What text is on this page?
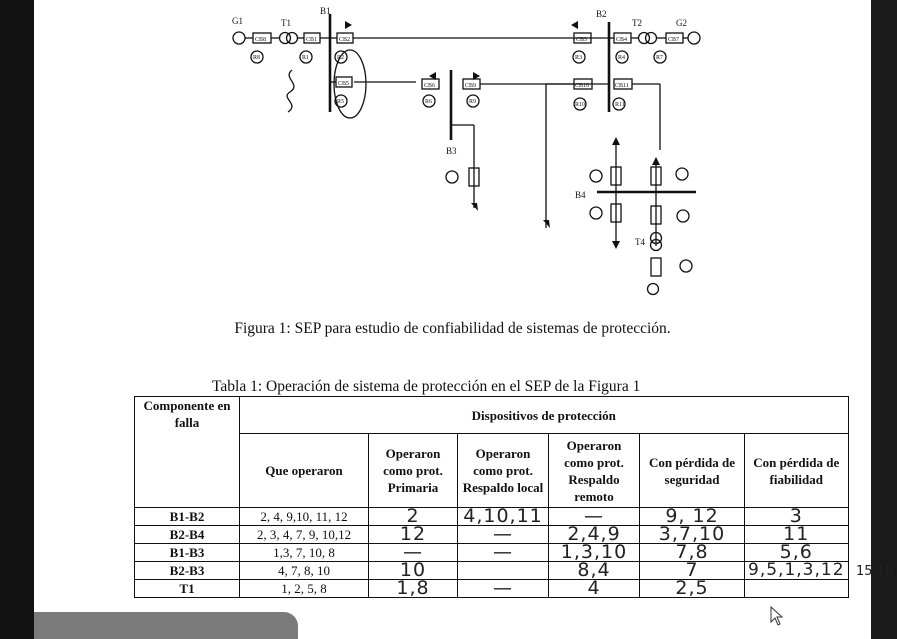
B1	B2
B3
B4
G1	G2
T1	T2
T4
CB8	CB1	CB2	CB3	CB4	CB7
CB5	CB6	CB9	CB10	CB11
R8	R1	R2	R3	R4	R7
R5	R6	R9	R10	R11
Figura 1: SEP para estudio de confiabilidad de sistemas de protección.
Tabla 1: Operación de sistema de protección en el SEP de la Figura 1
Componente en falla	Dispositivos de protección					
	Que operaron	Operaron como prot. Primaria	Operaron como prot. Respaldo local	Operaron como prot. Respaldo remoto	Con pérdida de seguridad	Con pérdida de fiabilidad
B1-B2	2, 4, 9,10, 11, 12	2	4,10,11	—	9, 12	3
B2-B4	2, 3, 4, 7, 9, 10,12	12	—	2,4,9	3,7,10	11
B1-B3	1,3, 7, 10, 8	—	—	1,3,10	7,8	5,6
B2-B3	4, 7, 8, 10	10		8,4	7	9,5,1,3,12
T1	1, 2, 5, 8	1,8	—	4	2,5	
15,16
